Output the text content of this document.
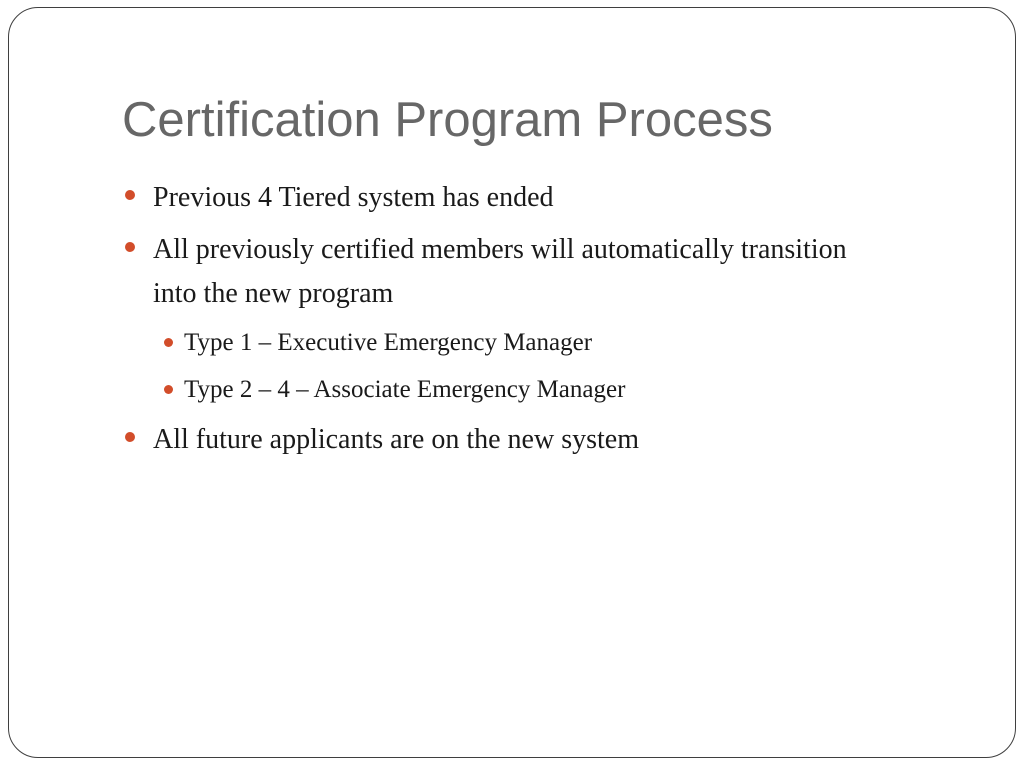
Certification Program Process
Previous 4 Tiered system has ended
All previously certified members will automatically transition into the new program
Type 1 – Executive Emergency Manager
Type 2 – 4 – Associate Emergency Manager
All future applicants are on the new system
